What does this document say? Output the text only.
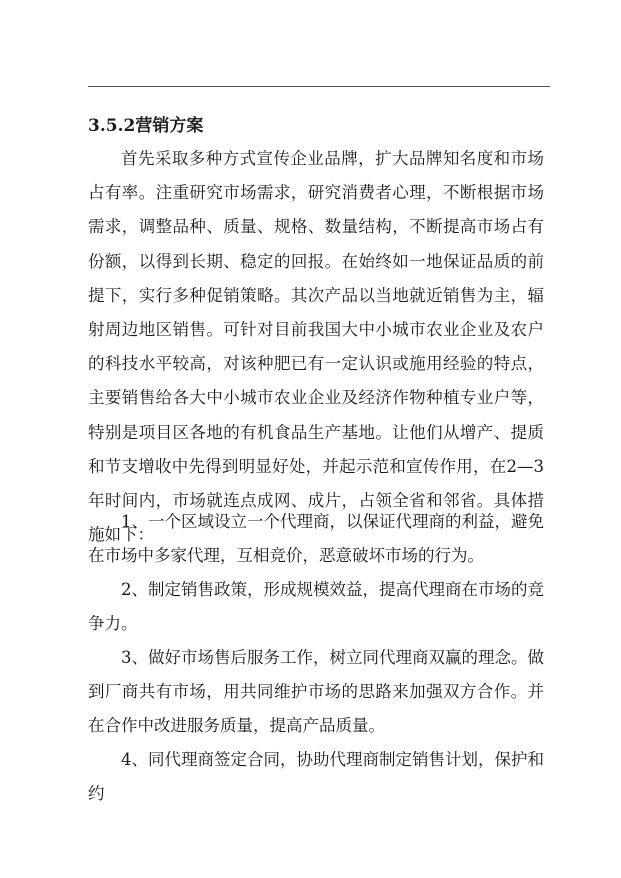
3.5.2营销方案

首先采取多种方式宣传企业品牌，扩大品牌知名度和市场占有率。注重研究市场需求，研究消费者心理，不断根据市场需求，调整品种、质量、规格、数量结构，不断提高市场占有份额，以得到长期、稳定的回报。在始终如一地保证品质的前提下，实行多种促销策略。其次产品以当地就近销售为主，辐射周边地区销售。可针对目前我国大中小城市农业企业及农户的科技水平较高，对该种肥已有一定认识或施用经验的特点，主要销售给各大中小城市农业企业及经济作物种植专业户等，特别是项目区各地的有机食品生产基地。让他们从增产、提质和节支增收中先得到明显好处，并起示范和宣传作用，在2—3年时间内，市场就连点成网、成片，占领全省和邻省。具体措施如下：

1、一个区域设立一个代理商，以保证代理商的利益，避免在市场中多家代理，互相竞价，恶意破坏市场的行为。

2、制定销售政策，形成规模效益，提高代理商在市场的竞争力。

3、做好市场售后服务工作，树立同代理商双赢的理念。做到厂商共有市场，用共同维护市场的思路来加强双方合作。并在合作中改进服务质量，提高产品质量。

4、同代理商签定合同，协助代理商制定销售计划，保护和约
